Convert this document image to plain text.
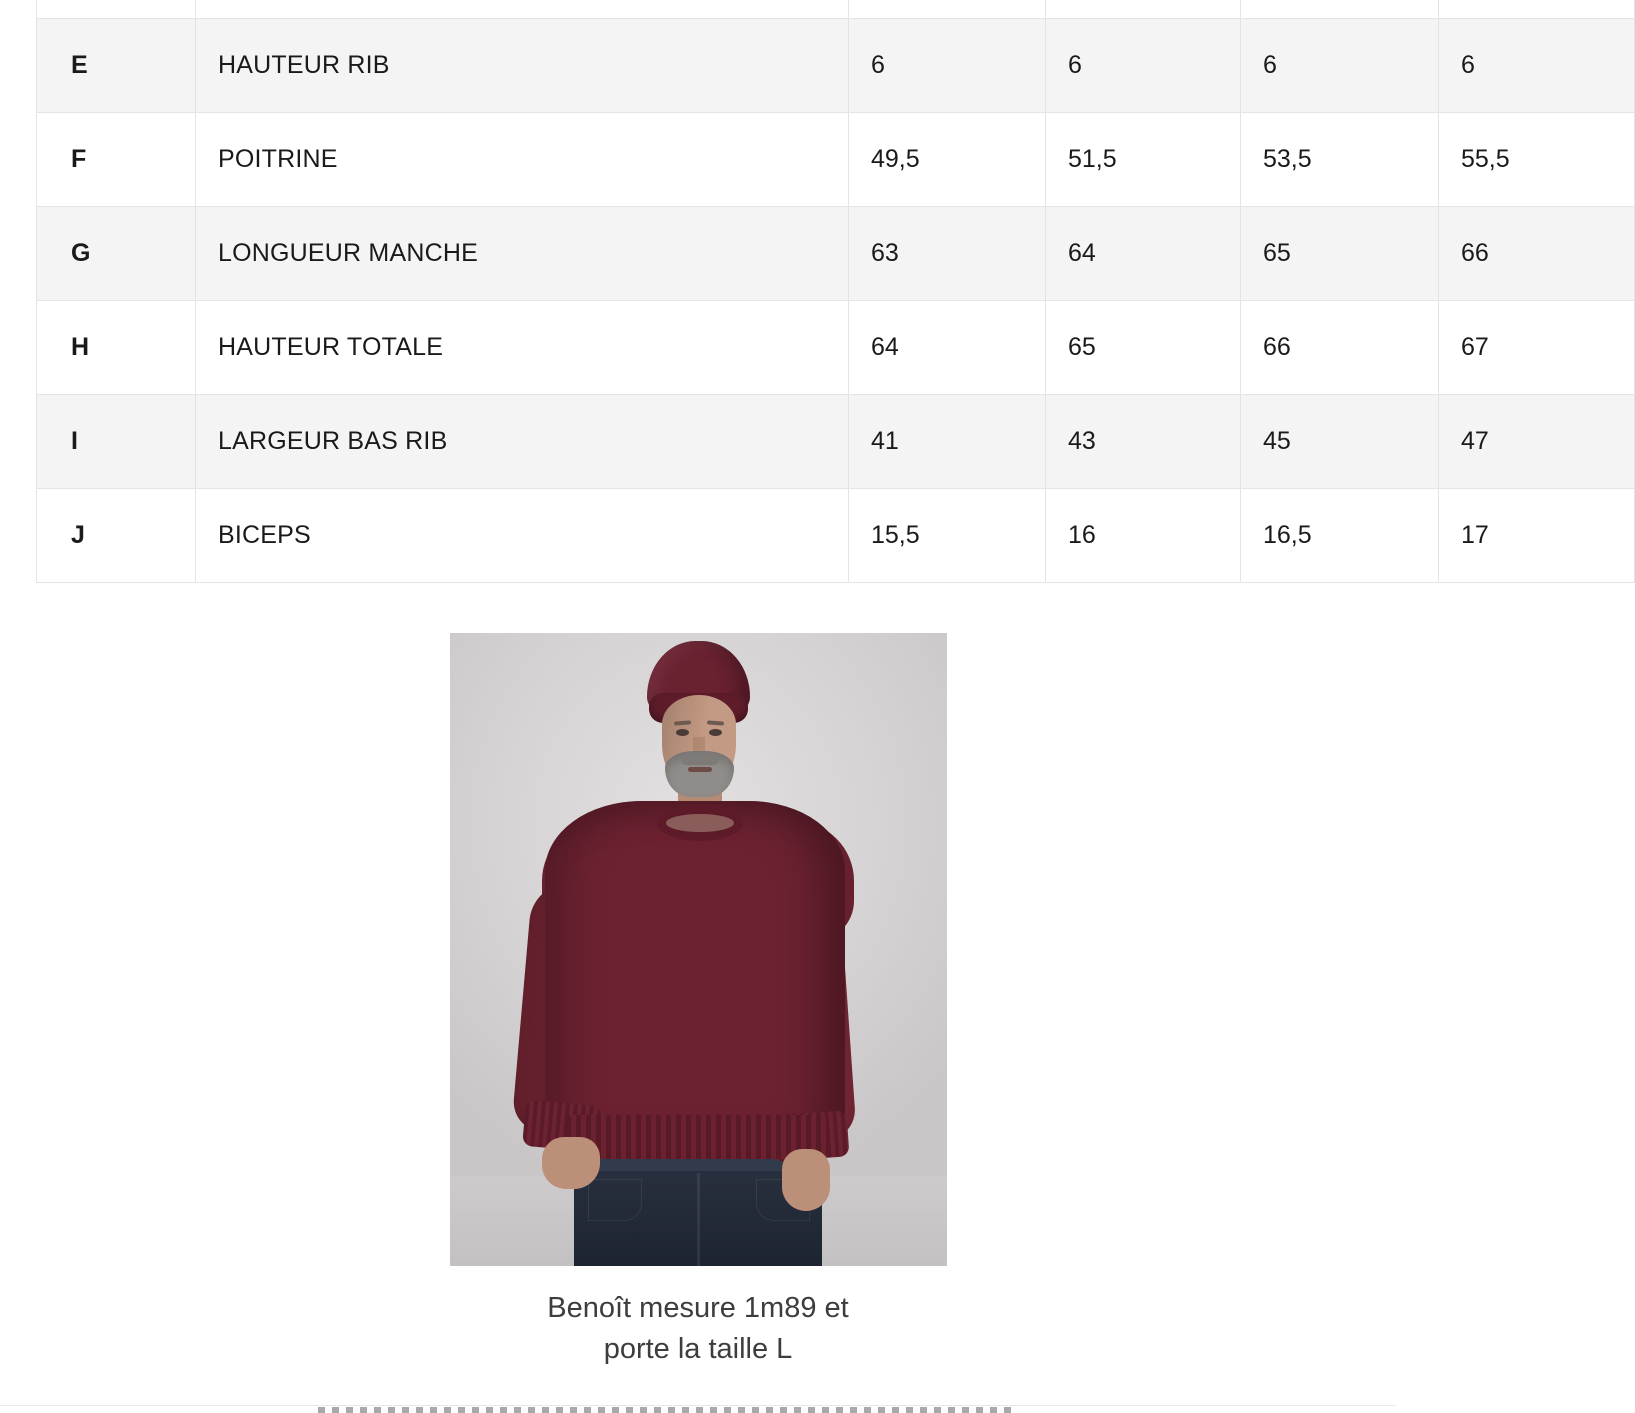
E	HAUTEUR RIB	6	6	6	6
F	POITRINE	49,5	51,5	53,5	55,5
G	LONGUEUR MANCHE	63	64	65	66
H	HAUTEUR TOTALE	64	65	66	67
I	LARGEUR BAS RIB	41	43	45	47
J	BICEPS	15,5	16	16,5	17
Benoît mesure 1m89 et
porte la taille L
